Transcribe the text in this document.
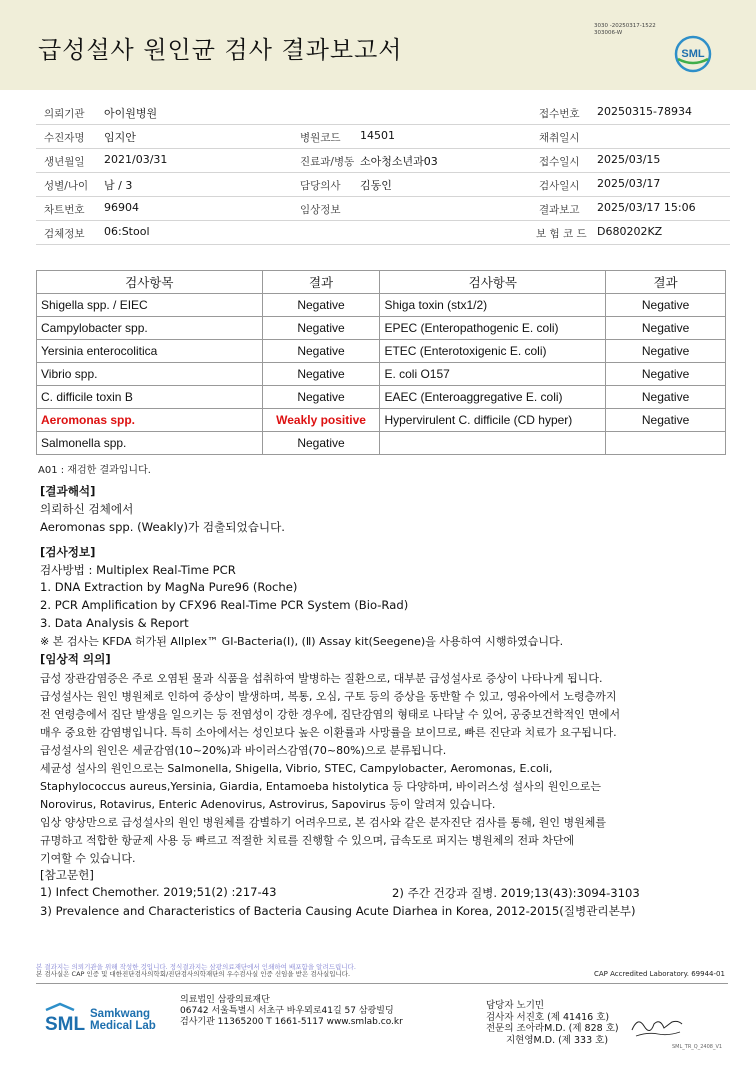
급성설사 원인균 검사 결과보고서
3030 -20250317-1522
303006-W
SML
의뢰기관 아이원병원	접수번호 20250315-78934
수진자명 임지안	병원코드 14501	채취일시
생년월일 2021/03/31	진료과/병동 소아청소년과03	접수일시 2025/03/15
성별/나이 남 / 3	담당의사 김동인	검사일시 2025/03/17
차트번호 96904	임상정보	결과보고 2025/03/17 15:06
검체정보 06:Stool	보 험 코 드 D680202KZ
검사항목	결과	검사항목	결과
Shigella spp. / EIEC	Negative	Shiga toxin (stx1/2)	Negative
Campylobacter spp.	Negative	EPEC (Enteropathogenic E. coli)	Negative
Yersinia enterocolitica	Negative	ETEC (Enterotoxigenic E. coli)	Negative
Vibrio spp.	Negative	E. coli O157	Negative
C. difficile toxin B	Negative	EAEC (Enteroaggregative E. coli)	Negative
Aeromonas spp.	Weakly positive	Hypervirulent C. difficile (CD hyper)	Negative
Salmonella spp.	Negative		
A01 : 재검한 결과입니다.
[결과해석]
의뢰하신 검체에서
Aeromonas spp. (Weakly)가 검출되었습니다.
[검사정보]
검사방법 : Multiplex Real-Time PCR
1. DNA Extraction by MagNa Pure96 (Roche)
2. PCR Amplification by CFX96 Real-Time PCR System (Bio-Rad)
3. Data Analysis & Report
※ 본 검사는 KFDA 허가된 Allplex™ GI-Bacteria(Ⅰ), (Ⅱ) Assay kit(Seegene)을 사용하여 시행하였습니다.
[임상적 의의]
급성 장관감염증은 주로 오염된 물과 식품을 섭취하여 발병하는 질환으로, 대부분 급성설사로 증상이 나타나게 됩니다.
급성설사는 원인 병원체로 인하여 증상이 발생하며, 복통, 오심, 구토 등의 증상을 동반할 수 있고, 영유아에서 노령층까지
전 연령층에서 집단 발생을 일으키는 등 전염성이 강한 경우에, 집단감염의 형태로 나타날 수 있어, 공중보건학적인 면에서
매우 중요한 감염병입니다. 특히 소아에서는 성인보다 높은 이환률과 사망률을 보이므로, 빠른 진단과 치료가 요구됩니다.
급성설사의 원인은 세균감염(10~20%)과 바이러스감염(70~80%)으로 분류됩니다.
세균성 설사의 원인으로는 Salmonella, Shigella, Vibrio, STEC, Campylobacter, Aeromonas, E.coli,
Staphylococcus aureus,Yersinia, Giardia, Entamoeba histolytica 등 다양하며, 바이러스성 설사의 원인으로는
Norovirus, Rotavirus, Enteric Adenovirus, Astrovirus, Sapovirus 등이 알려져 있습니다.
임상 양상만으로 급성설사의 원인 병원체를 감별하기 어려우므로, 본 검사와 같은 분자진단 검사를 통해, 원인 병원체를
규명하고 적합한 항균제 사용 등 빠르고 적절한 치료를 진행할 수 있으며, 급속도로 퍼지는 병원체의 전파 차단에
기여할 수 있습니다.
[참고문헌]
1) Infect Chemother. 2019;51(2) :217-43	2) 주간 건강과 질병. 2019;13(43):3094-3103
3) Prevalence and Characteristics of Bacteria Causing Acute Diarhea in Korea, 2012-2015(질병관리본부)
본 결과지는 의뢰기관을 위해 작성한 것입니다. 정식결과지는 삼광의료재단에서 인쇄하여 배포함을 알려드립니다.
본 검사실은 CAP 인증 및 대한진단검사의학회/진단검사의학재단의 우수검사실 인증 신임을 받은 검사실입니다.	CAP Accredited Laboratory. 69944-01
SML Samkwang
Medical Lab
의료법인 삼광의료재단
06742 서울특별시 서초구 바우뫼로41길 57 삼광빌딩
검사기관 11365200 T 1661-5117 www.smlab.co.kr
담당자 노기민
검사자 서진호 (제 41416 호)
전문의 조아라M.D. (제 828 호)
지현영M.D. (제 333 호)
SML_TR_Q_2408_V1
